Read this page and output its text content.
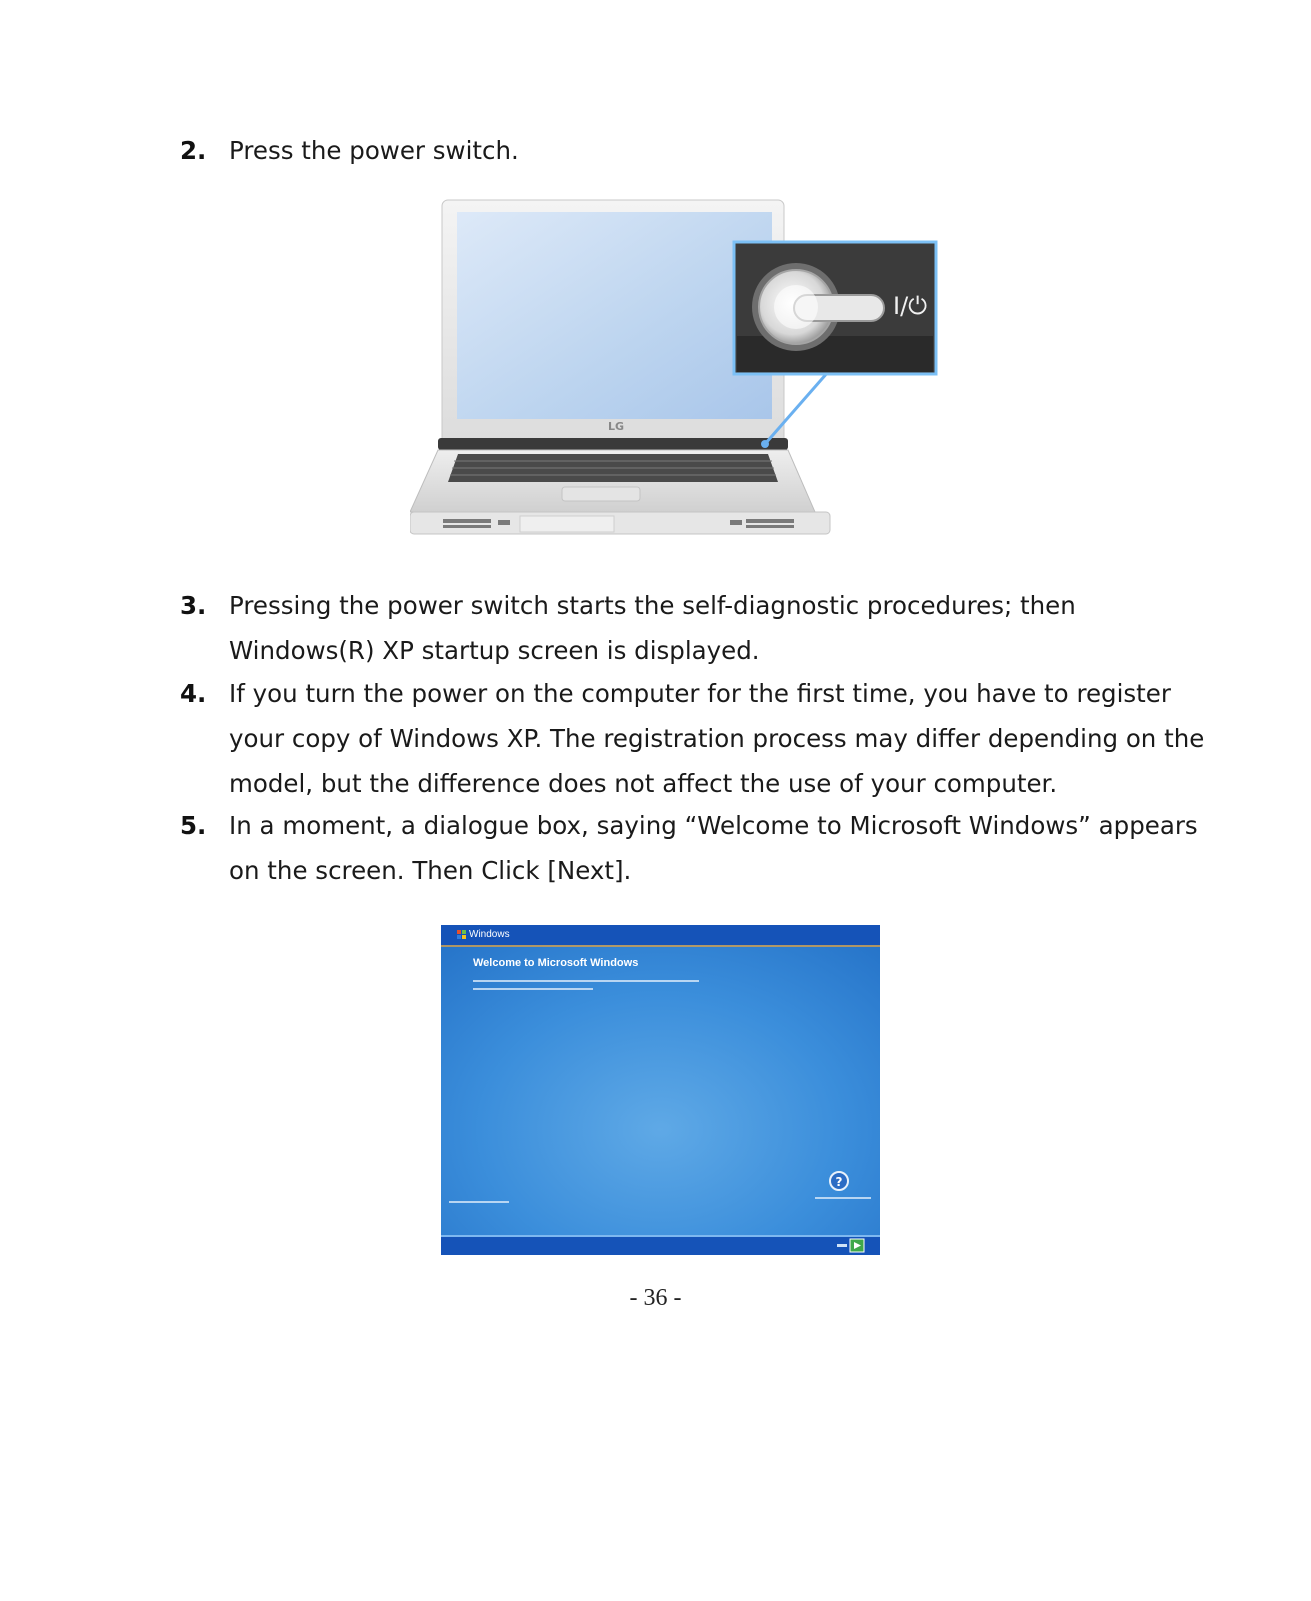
2. Press the power switch.
LG
I/⏻
3. Pressing the power switch starts the self-diagnostic procedures; then Windows(R) XP startup screen is displayed.
4. If you turn the power on the computer for the first time, you have to register your copy of Windows XP. The registration process may differ depending on the model, but the difference does not affect the use of your computer.
5. In a moment, a dialogue box, saying “Welcome to Microsoft Windows” appears on the screen. Then Click [Next].
?
Windows
Welcome to Microsoft Windows
- 36 -
